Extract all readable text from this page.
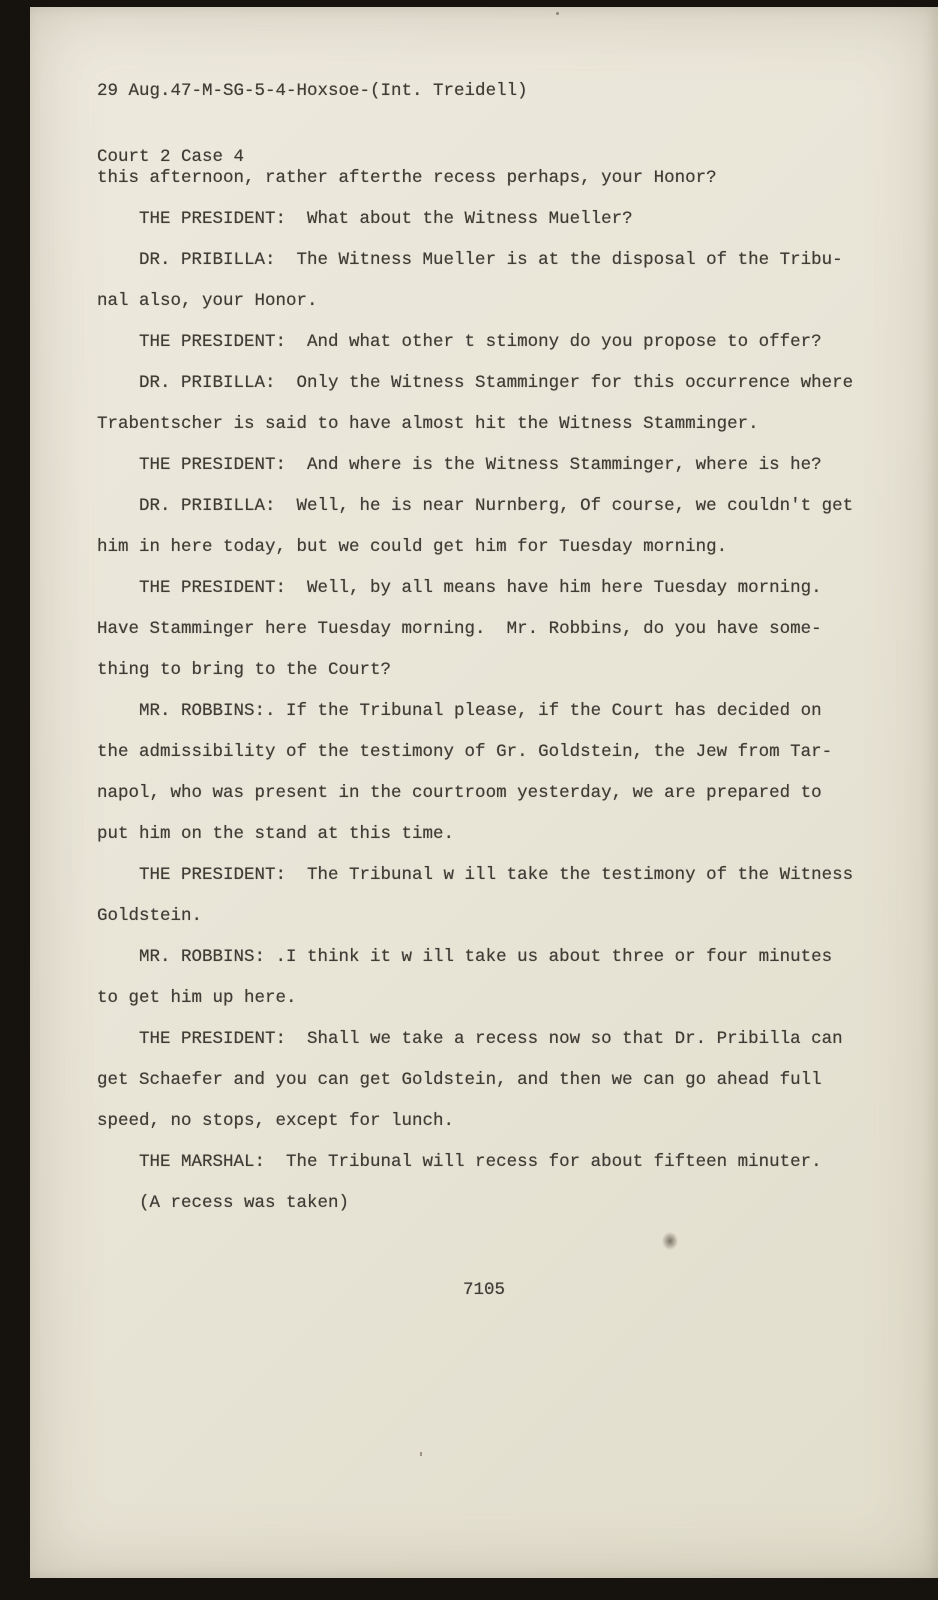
29 Aug.47-M-SG-5-4-Hoxsoe-(Int. Treidell)

Court 2 Case 4

this afternoon, rather afterthe recess perhaps, your Honor?
THE PRESIDENT:  What about the Witness Mueller?
DR. PRIBILLA:  The Witness Mueller is at the disposal of the Tribu-
nal also, your Honor.
THE PRESIDENT:  And what other t stimony do you propose to offer?
DR. PRIBILLA:  Only the Witness Stamminger for this occurrence where
Trabentscher is said to have almost hit the Witness Stamminger.
THE PRESIDENT:  And where is the Witness Stamminger, where is he?
DR. PRIBILLA:  Well, he is near Nurnberg, Of course, we couldn't get
him in here today, but we could get him for Tuesday morning.
THE PRESIDENT:  Well, by all means have him here Tuesday morning.
Have Stamminger here Tuesday morning.  Mr. Robbins, do you have some-
thing to bring to the Court?
MR. ROBBINS:. If the Tribunal please, if the Court has decided on
the admissibility of the testimony of Gr. Goldstein, the Jew from Tar-
napol, who was present in the courtroom yesterday, we are prepared to
put him on the stand at this time.
THE PRESIDENT:  The Tribunal w ill take the testimony of the Witness
Goldstein.
MR. ROBBINS: .I think it w ill take us about three or four minutes
to get him up here.
THE PRESIDENT:  Shall we take a recess now so that Dr. Pribilla can
get Schaefer and you can get Goldstein, and then we can go ahead full
speed, no stops, except for lunch.
THE MARSHAL:  The Tribunal will recess for about fifteen minuter.
(A recess was taken)
7105
